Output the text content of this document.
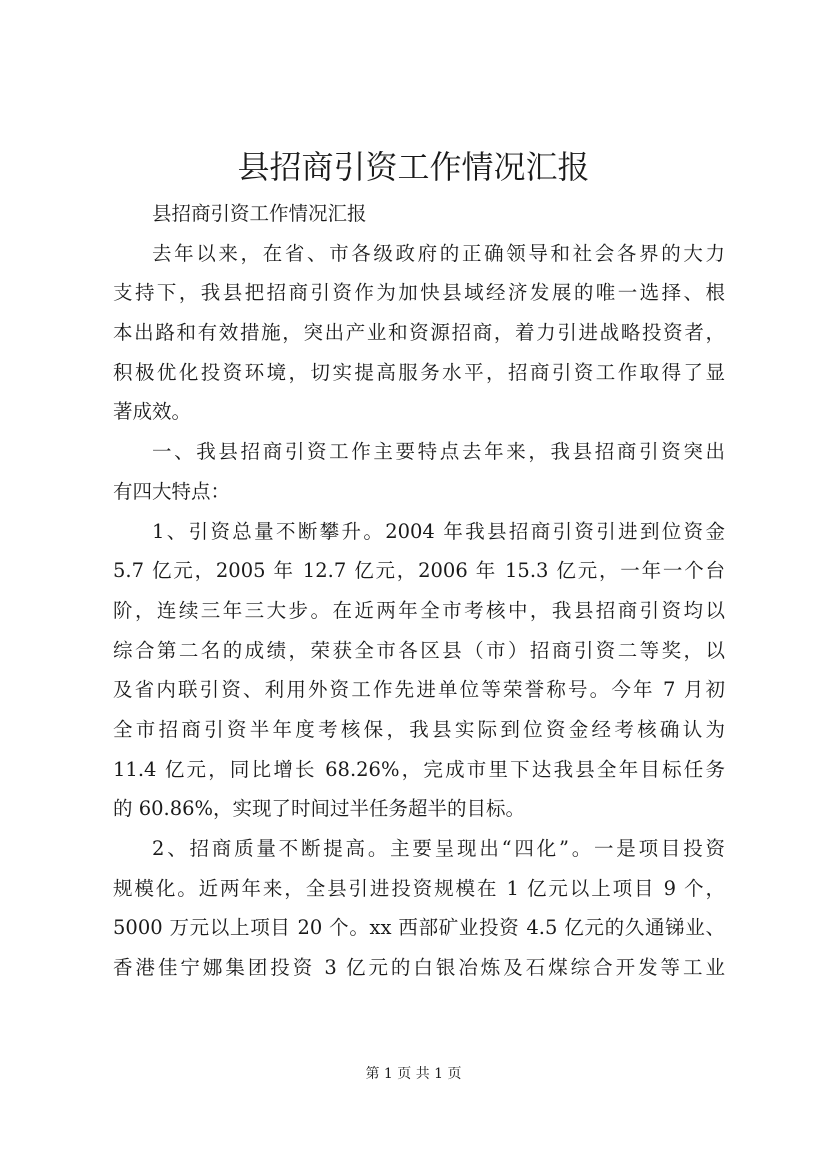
县招商引资工作情况汇报
县招商引资工作情况汇报
去年以来，在省、市各级政府的正确领导和社会各界的大力
支持下，我县把招商引资作为加快县域经济发展的唯一选择、根
本出路和有效措施，突出产业和资源招商，着力引进战略投资者，
积极优化投资环境，切实提高服务水平，招商引资工作取得了显
著成效。
一、我县招商引资工作主要特点去年来，我县招商引资突出
有四大特点：
1、引资总量不断攀升。2004 年我县招商引资引进到位资金
5.7 亿元，2005 年 12.7 亿元，2006 年 15.3 亿元，一年一个台
阶，连续三年三大步。在近两年全市考核中，我县招商引资均以
综合第二名的成绩，荣获全市各区县（市）招商引资二等奖，以
及省内联引资、利用外资工作先进单位等荣誉称号。今年 7 月初
全市招商引资半年度考核保，我县实际到位资金经考核确认为
11.4 亿元，同比增长 68.26%，完成市里下达我县全年目标任务
的 60.86%，实现了时间过半任务超半的目标。
2、招商质量不断提高。主要呈现出“四化”。一是项目投资
规模化。近两年来，全县引进投资规模在 1 亿元以上项目 9 个，
5000 万元以上项目 20 个。xx 西部矿业投资 4.5 亿元的久通锑业、
香港佳宁娜集团投资 3 亿元的白银冶炼及石煤综合开发等工业
第 1 页 共 1 页
